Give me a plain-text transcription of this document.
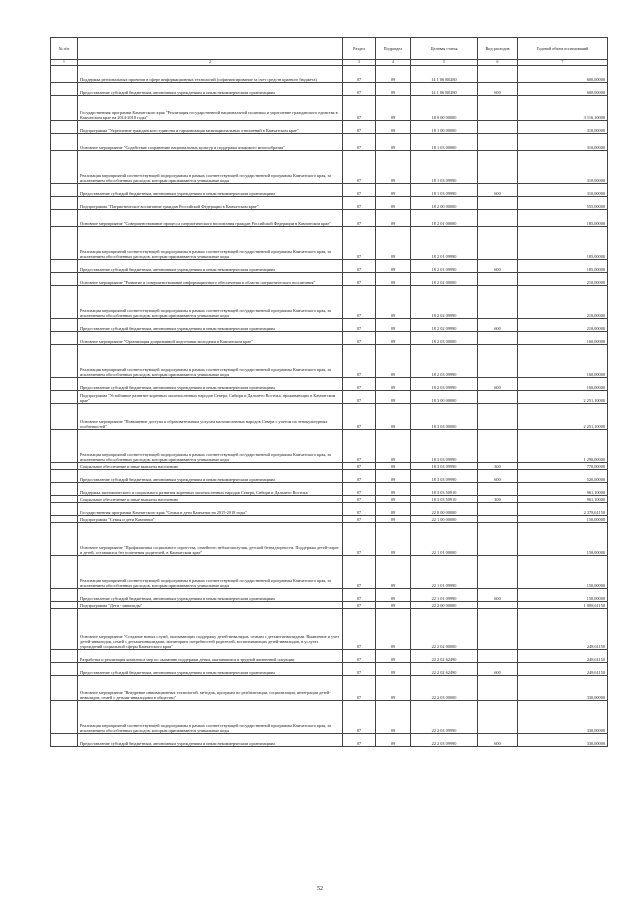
№ п/п		Раздел	Подраздел	Целевая статья	Вид расходов	Годовой объем ассигнований
1	2	3	4	5	6	7
	Поддержка региональных проектов в сфере информационных технологий (софинансирование за счет средств краевого бюджета)	07	09	14 1 06 R0280		600,00000
	Предоставление субсидий бюджетным, автономным учреждениям и иным некоммерческим организациям	07	09	14 1 06 R0280	600	600,00000
	Государственная программа Камчатского края "Реализация государственной национальной политики и укрепление гражданского единства в Камчатском крае на 2014-2018 годы"	07	09	18 0 00 00000		3 116,10000
	Подпрограмма "Укрепление гражданского единства и гармонизация межнациональных отношений в Камчатском крае"	07	09	18 1 00 00000		310,00000
	Основное мероприятие "Содействие сохранению национальных культур и поддержка языкового многообразия"	07	09	18 1 03 00000		310,00000
	Реализация мероприятий соответствующей подпрограммы в рамках соответствующей государственной программы Камчатского края, за исключением обособленных расходов, которым присваиваются уникальные коды	07	09	18 1 03 09990		310,00000
	Предоставление субсидий бюджетным, автономным учреждениям и иным некоммерческим организациям	07	09	18 1 03 09990	600	310,00000
	Подпрограмма "Патриотическое воспитание граждан Российской Федерации в Камчатском крае"	07	09	18 2 00 00000		555,00000
	Основное мероприятие "Совершенствование процесса патриотического воспитания граждан Российской Федерации в Камчатском крае"	07	09	18 2 01 00000		185,00000
	Реализация мероприятий соответствующей подпрограммы в рамках соответствующей государственной программы Камчатского края, за исключением обособленных расходов, которым присваиваются уникальные коды	07	09	18 2 01 09990		185,00000
	Предоставление субсидий бюджетным, автономным учреждениям и иным некоммерческим организациям	07	09	18 2 01 09990	600	185,00000
	Основное мероприятие "Развитие и совершенствование информационного обеспечения в области патриотического воспитания"	07	09	18 2 02 00000		210,00000
	Реализация мероприятий соответствующей подпрограммы в рамках соответствующей государственной программы Камчатского края, за исключением обособленных расходов, которым присваиваются уникальные коды	07	09	18 2 02 09990		210,00000
	Предоставление субсидий бюджетным, автономным учреждениям и иным некоммерческим организациям	07	09	18 2 02 09990	600	210,00000
	Основное мероприятие "Организация допризывной подготовки молодежи в Камчатском крае"	07	09	18 2 03 00000		160,00000
	Реализация мероприятий соответствующей подпрограммы в рамках соответствующей государственной программы Камчатского края, за исключением обособленных расходов, которым присваиваются уникальные коды	07	09	18 2 03 09990		160,00000
	Предоставление субсидий бюджетным, автономным учреждениям и иным некоммерческим организациям	07	09	18 2 03 09990	600	160,00000
	Подпрограмма "Устойчивое развитие коренных малочисленных народов Севера, Сибири и Дальнего Востока, проживающих в Камчатском крае"	07	09	18 3 00 00000		2 251,10000
	Основное мероприятие "Повышение доступа к образовательным услугам малочисленных народов Севера с учетом их этнокультурных особенностей"	07	09	18 3 03 00000		2 251,10000
	Реализация мероприятий соответствующей подпрограммы в рамках соответствующей государственной программы Камчатского края, за исключением обособленных расходов, которым присваиваются уникальные коды	07	09	18 3 03 09990		1 290,00000
	Социальное обеспечение и иные выплаты населению	07	09	18 3 03 09990	300	770,00000
	Предоставление субсидий бюджетным, автономным учреждениям и иным некоммерческим организациям	07	09	18 3 03 09990	600	520,00000
	Поддержка экономического и социального развития коренных малочисленных народов Севера, Сибири и Дальнего Востока	07	09	18 3 03 50910		961,10000
	Социальное обеспечение и иные выплаты населению	07	09	18 3 03 50910	300	961,10000
	Государственная программа Камчатского края "Семья и дети Камчатки на 2015-2018 годы"	07	09	22 0 00 00000		2 378,61150
	Подпрограмма "Семья и дети Камчатки"	07	09	22 1 00 00000		150,00000
	Основное мероприятие "Профилактика социального сиротства, семейного неблагополучия, детской безнадзорности. Поддержка детей-сирот и детей, оставшихся без попечения родителей, в Камчатском крае"	07	09	22 1 01 00000		150,00000
	Реализация мероприятий соответствующей подпрограммы в рамках соответствующей государственной программы Камчатского края, за исключением обособленных расходов, которым присваиваются уникальные коды	07	09	22 1 01 09990		150,00000
	Предоставление субсидий бюджетным, автономным учреждениям и иным некоммерческим организациям	07	09	22 1 01 09990	600	150,00000
	Подпрограмма "Дети - инвалиды"	07	09	22 2 00 00000		1 008,61150
	Основное мероприятие "Создание новых служб, оказывающих поддержку детей-инвалидов, семьям с детьми-инвалидами. Выявление и учет детей-инвалидов, семей с детьми-инвалидами, мониторинг потребностей родителей, воспитывающих детей-инвалидов, в услугах учреждений социальной сферы Камчатского края"	07	09	22 2 02 00000		248,61150
	Разработка и реализация комплекса мер по оказанию поддержки детям, оказавшимся в трудной жизненной ситуации	07	09	22 2 02 62490		248,61150
	Предоставление субсидий бюджетным, автономным учреждениям и иным некоммерческим организациям	07	09	22 2 02 62490	600	248,61150
	Основное мероприятие "Внедрение инновационных технологий, методик, программ по реабилитации, социализации, интеграции детей-инвалидов, семей с детьми-инвалидами в общество"	07	09	22 2 03 00000		330,00000
	Реализация мероприятий соответствующей подпрограммы в рамках соответствующей государственной программы Камчатского края, за исключением обособленных расходов, которым присваиваются уникальные коды	07	09	22 2 03 09990		330,00000
	Предоставление субсидий бюджетным, автономным учреждениям и иным некоммерческим организациям	07	09	22 2 03 09990	600	330,00000
52
